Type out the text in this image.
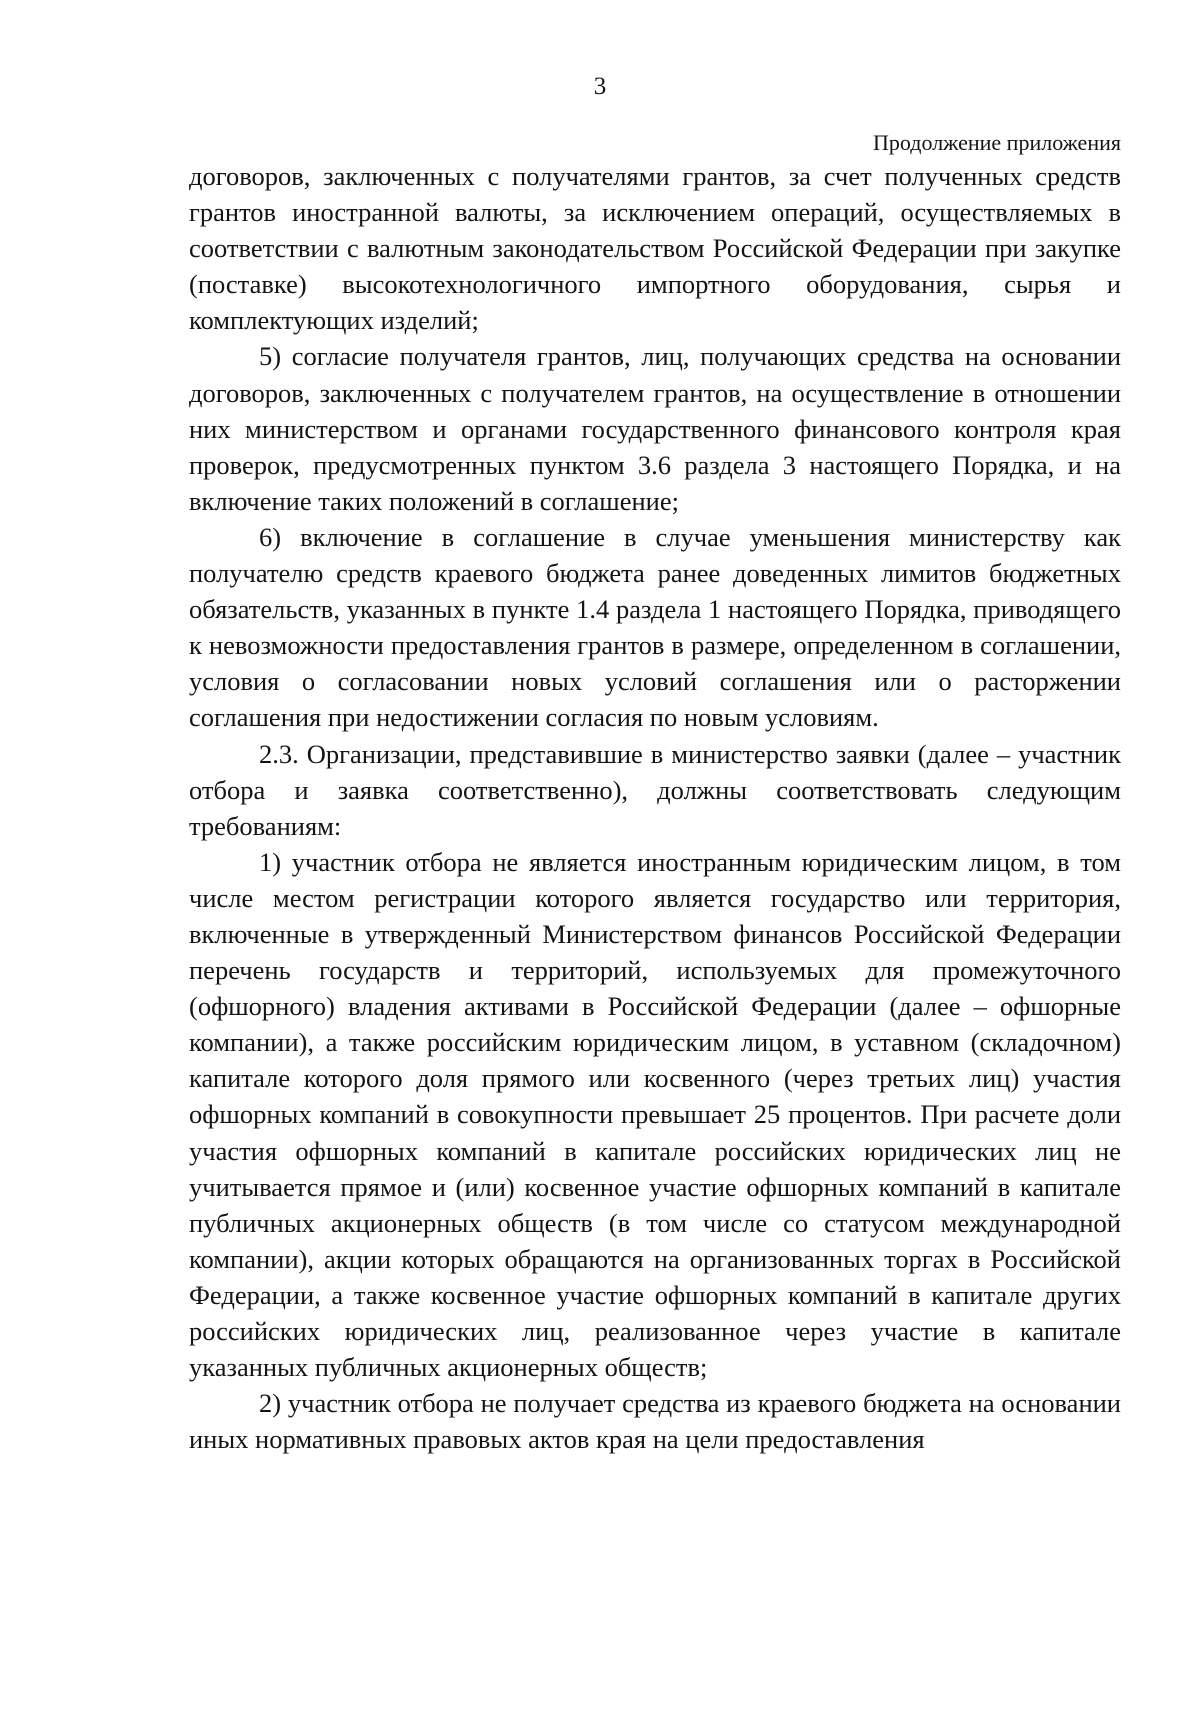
3
Продолжение приложения

договоров, заключенных с получателями грантов, за счет полученных средств грантов иностранной валюты, за исключением операций, осуществляемых в соответствии с валютным законодательством Российской Федерации при закупке (поставке) высокотехнологичного импортного оборудования, сырья и комплектующих изделий;

5) согласие получателя грантов, лиц, получающих средства на основании договоров, заключенных с получателем грантов, на осуществление в отношении них министерством и органами государственного финансового контроля края проверок, предусмотренных пунктом 3.6 раздела 3 настоящего Порядка, и на включение таких положений в соглашение;

6) включение в соглашение в случае уменьшения министерству как получателю средств краевого бюджета ранее доведенных лимитов бюджетных обязательств, указанных в пункте 1.4 раздела 1 настоящего Порядка, приводящего к невозможности предоставления грантов в размере, определенном в соглашении, условия о согласовании новых условий соглашения или о расторжении соглашения при недостижении согласия по новым условиям.

2.3. Организации, представившие в министерство заявки (далее – участник отбора и заявка соответственно), должны соответствовать следующим требованиям:

1) участник отбора не является иностранным юридическим лицом, в том числе местом регистрации которого является государство или территория, включенные в утвержденный Министерством финансов Российской Федерации перечень государств и территорий, используемых для промежуточного (офшорного) владения активами в Российской Федерации (далее – офшорные компании), а также российским юридическим лицом, в уставном (складочном) капитале которого доля прямого или косвенного (через третьих лиц) участия офшорных компаний в совокупности превышает 25 процентов. При расчете доли участия офшорных компаний в капитале российских юридических лиц не учитывается прямое и (или) косвенное участие офшорных компаний в капитале публичных акционерных обществ (в том числе со статусом международной компании), акции которых обращаются на организованных торгах в Российской Федерации, а также косвенное участие офшорных компаний в капитале других российских юридических лиц, реализованное через участие в капитале указанных публичных акционерных обществ;

2) участник отбора не получает средства из краевого бюджета на основании иных нормативных правовых актов края на цели предоставления
